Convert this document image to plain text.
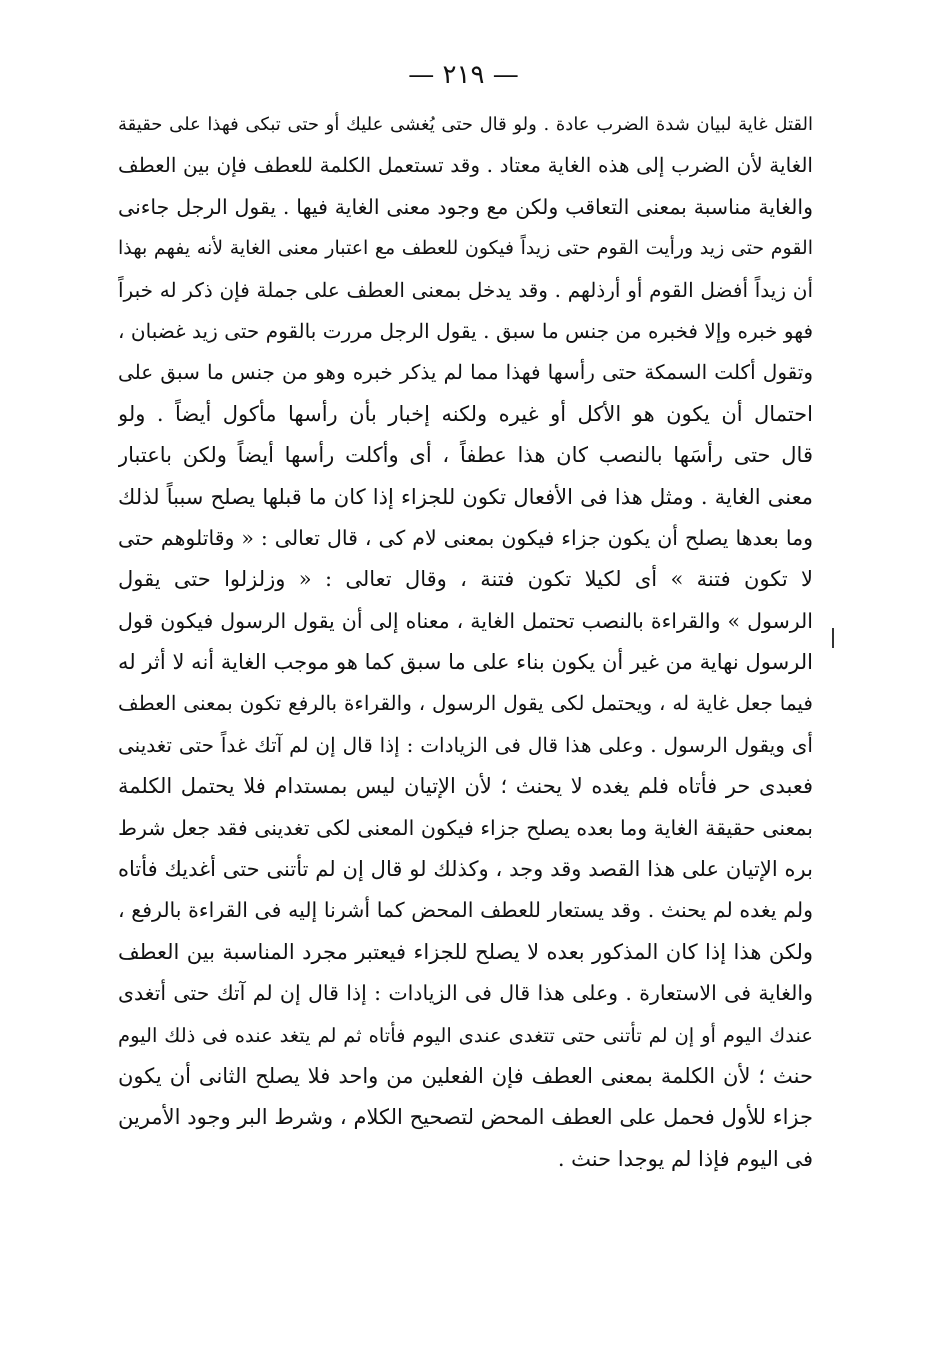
— ٢١٩ —
القتل غاية لبيان شدة الضرب عادة . ولو قال حتى يُغشى عليك أو حتى تبكى فهذا على حقيقة
الغاية لأن الضرب إلى هذه الغاية معتاد . وقد تستعمل الكلمة للعطف فإن بين العطف
والغاية مناسبة بمعنى التعاقب ولكن مع وجود معنى الغاية فيها . يقول الرجل جاءنى
القوم حتى زيد ورأيت القوم حتى زيداً فيكون للعطف مع اعتبار معنى الغاية لأنه يفهم بهذا
أن زيداً أفضل القوم أو أرذلهم . وقد يدخل بمعنى العطف على جملة فإن ذكر له خبراً
فهو خبره وإلا فخبره من جنس ما سبق . يقول الرجل مررت بالقوم حتى زيد غضبان ،
وتقول أكلت السمكة حتى رأسها فهذا مما لم يذكر خبره وهو من جنس ما سبق على
احتمال أن يكون هو الأكل أو غيره ولكنه إخبار بأن رأسها مأكول أيضاً . ولو
قال حتى رأسَها بالنصب كان هذا عطفاً ، أى وأكلت رأسها أيضاً ولكن باعتبار
معنى الغاية . ومثل هذا فى الأفعال تكون للجزاء إذا كان ما قبلها يصلح سبباً لذلك
وما بعدها يصلح أن يكون جزاء فيكون بمعنى لام كى ، قال تعالى : « وقاتلوهم حتى
لا تكون فتنة » أى لكيلا تكون فتنة ، وقال تعالى : « وزلزلوا حتى يقول
الرسول » والقراءة بالنصب تحتمل الغاية ، معناه إلى أن يقول الرسول فيكون قول
الرسول نهاية من غير أن يكون بناء على ما سبق كما هو موجب الغاية أنه لا أثر له
فيما جعل غاية له ، ويحتمل لكى يقول الرسول ، والقراءة بالرفع تكون بمعنى العطف
أى ويقول الرسول . وعلى هذا قال فى الزيادات : إذا قال إن لم آتك غداً حتى تغدينى
فعبدى حر فأتاه فلم يغده لا يحنث ؛ لأن الإتيان ليس بمستدام فلا يحتمل الكلمة
بمعنى حقيقة الغاية وما بعده يصلح جزاء فيكون المعنى لكى تغدينى فقد جعل شرط
بره الإتيان على هذا القصد وقد وجد ، وكذلك لو قال إن لم تأتنى حتى أغديك فأتاه
ولم يغده لم يحنث . وقد يستعار للعطف المحض كما أشرنا إليه فى القراءة بالرفع ،
ولكن هذا إذا كان المذكور بعده لا يصلح للجزاء فيعتبر مجرد المناسبة بين العطف
والغاية فى الاستعارة . وعلى هذا قال فى الزيادات : إذا قال إن لم آتك حتى أتغدى
عندك اليوم أو إن لم تأتنى حتى تتغدى عندى اليوم فأتاه ثم لم يتغد عنده فى ذلك اليوم
حنث ؛ لأن الكلمة بمعنى العطف فإن الفعلين من واحد فلا يصلح الثانى أن يكون
جزاء للأول فحمل على العطف المحض لتصحيح الكلام ، وشرط البر وجود الأمرين
فى اليوم فإذا لم يوجدا حنث .
